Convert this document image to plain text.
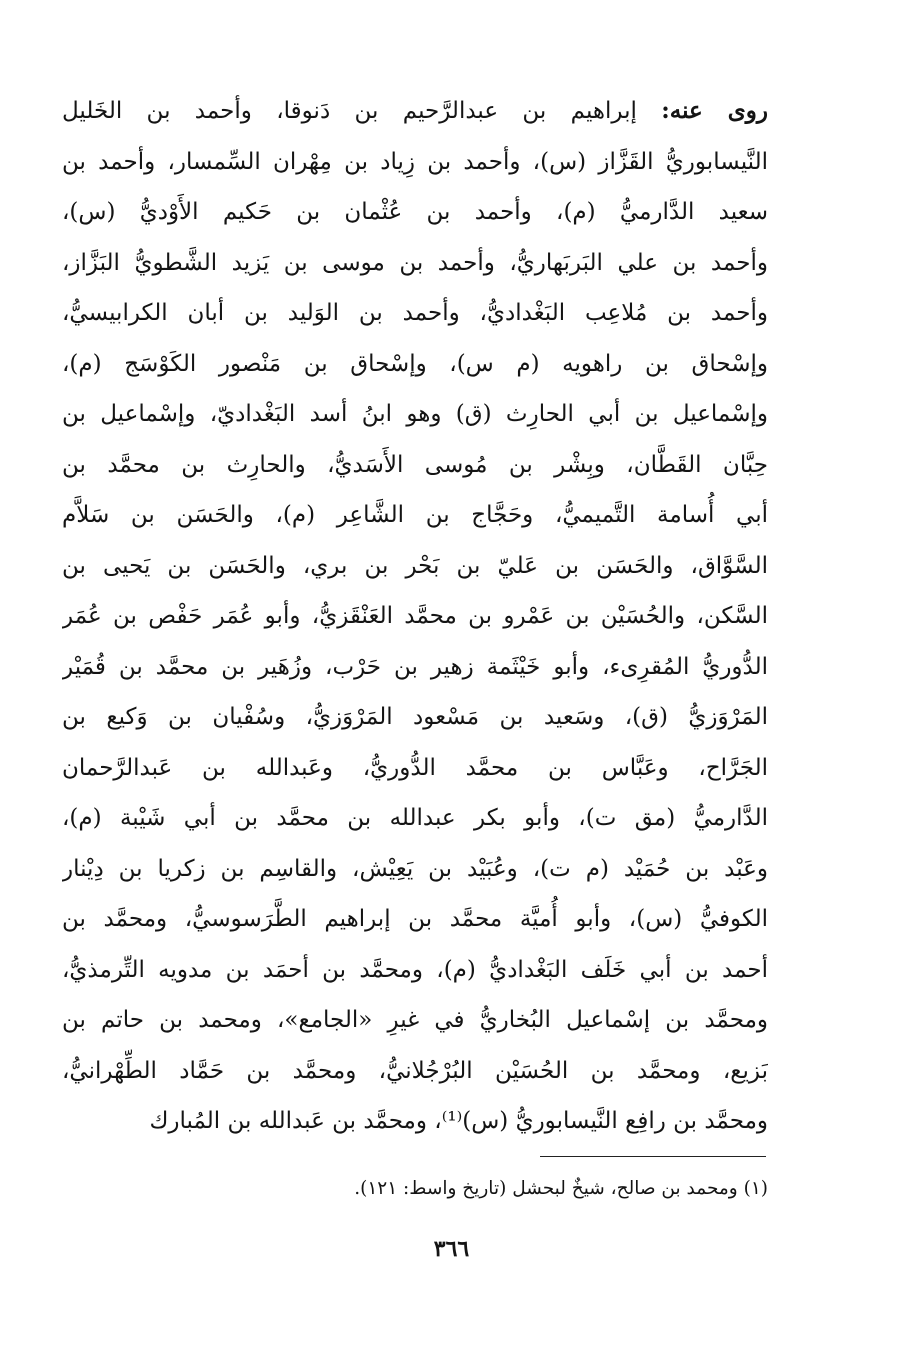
روى عنه: إبراهيم بن عبدالرَّحيم بن دَنوقا، وأحمد بن الخَليل
النَّيسابوريُّ القَزَّاز (س)، وأحمد بن زِياد بن مِهْران السِّمسار، وأحمد بن
سعيد الدَّارميُّ (م)، وأحمد بن عُثْمان بن حَكيم الأَوْديُّ (س)،
وأحمد بن علي البَربَهاريُّ، وأحمد بن موسى بن يَزيد الشَّطويُّ البَزَّاز،
وأحمد بن مُلاعِب البَغْداديُّ، وأحمد بن الوَليد بن أبان الكرابيسيُّ،
وإسْحاق بن راهويه (م س)، وإسْحاق بن مَنْصور الكَوْسَج (م)،
وإسْماعيل بن أبي الحارِث (ق) وهو ابنُ أسد البَغْداديّ، وإسْماعيل بن
حِبَّان القَطَّان، وبِشْر بن مُوسى الأَسَديُّ، والحارِث بن محمَّد بن
أبي أُسامة التَّميميُّ، وحَجَّاج بن الشَّاعِر (م)، والحَسَن بن سَلاَّم
السَّوَّاق، والحَسَن بن عَليّ بن بَحْر بن بري، والحَسَن بن يَحيى بن
السَّكن، والحُسَيْن بن عَمْرو بن محمَّد العَنْقَزيُّ، وأبو عُمَر حَفْص بن عُمَر
الدُّوريُّ المُقرِىء، وأبو خَيْثَمة زهير بن حَرْب، وزُهَير بن محمَّد بن قُمَيْر
المَرْوَزيُّ (ق)، وسَعيد بن مَسْعود المَرْوَزيُّ، وسُفْيان بن وَكيع بن
الجَرَّاح، وعَبَّاس بن محمَّد الدُّوريُّ، وعَبدالله بن عَبدالرَّحمان
الدَّارميُّ (مق ت)، وأبو بكر عبدالله بن محمَّد بن أبي شَيْبة (م)،
وعَبْد بن حُمَيْد (م ت)، وعُبَيْد بن يَعِيْش، والقاسِم بن زكريا بن دِيْنار
الكوفيُّ (س)، وأبو أُميَّة محمَّد بن إبراهيم الطَّرَسوسيُّ، ومحمَّد بن
أحمد بن أبي خَلَف البَغْداديُّ (م)، ومحمَّد بن أحمَد بن مدويه التِّرمذيُّ،
ومحمَّد بن إسْماعيل البُخاريُّ في غيرِ «الجامع»، ومحمد بن حاتم بن
بَزيع، ومحمَّد بن الحُسَيْن البُرْجُلانيُّ، ومحمَّد بن حَمَّاد الطِّهْرانيُّ،
ومحمَّد بن رافِع النَّيسابوريُّ (س)⁽¹⁾، ومحمَّد بن عَبدالله بن المُبارك
(١) ومحمد بن صالح، شيخٌ لبحشل (تاريخ واسط: ١٢١).
٣٦٦
